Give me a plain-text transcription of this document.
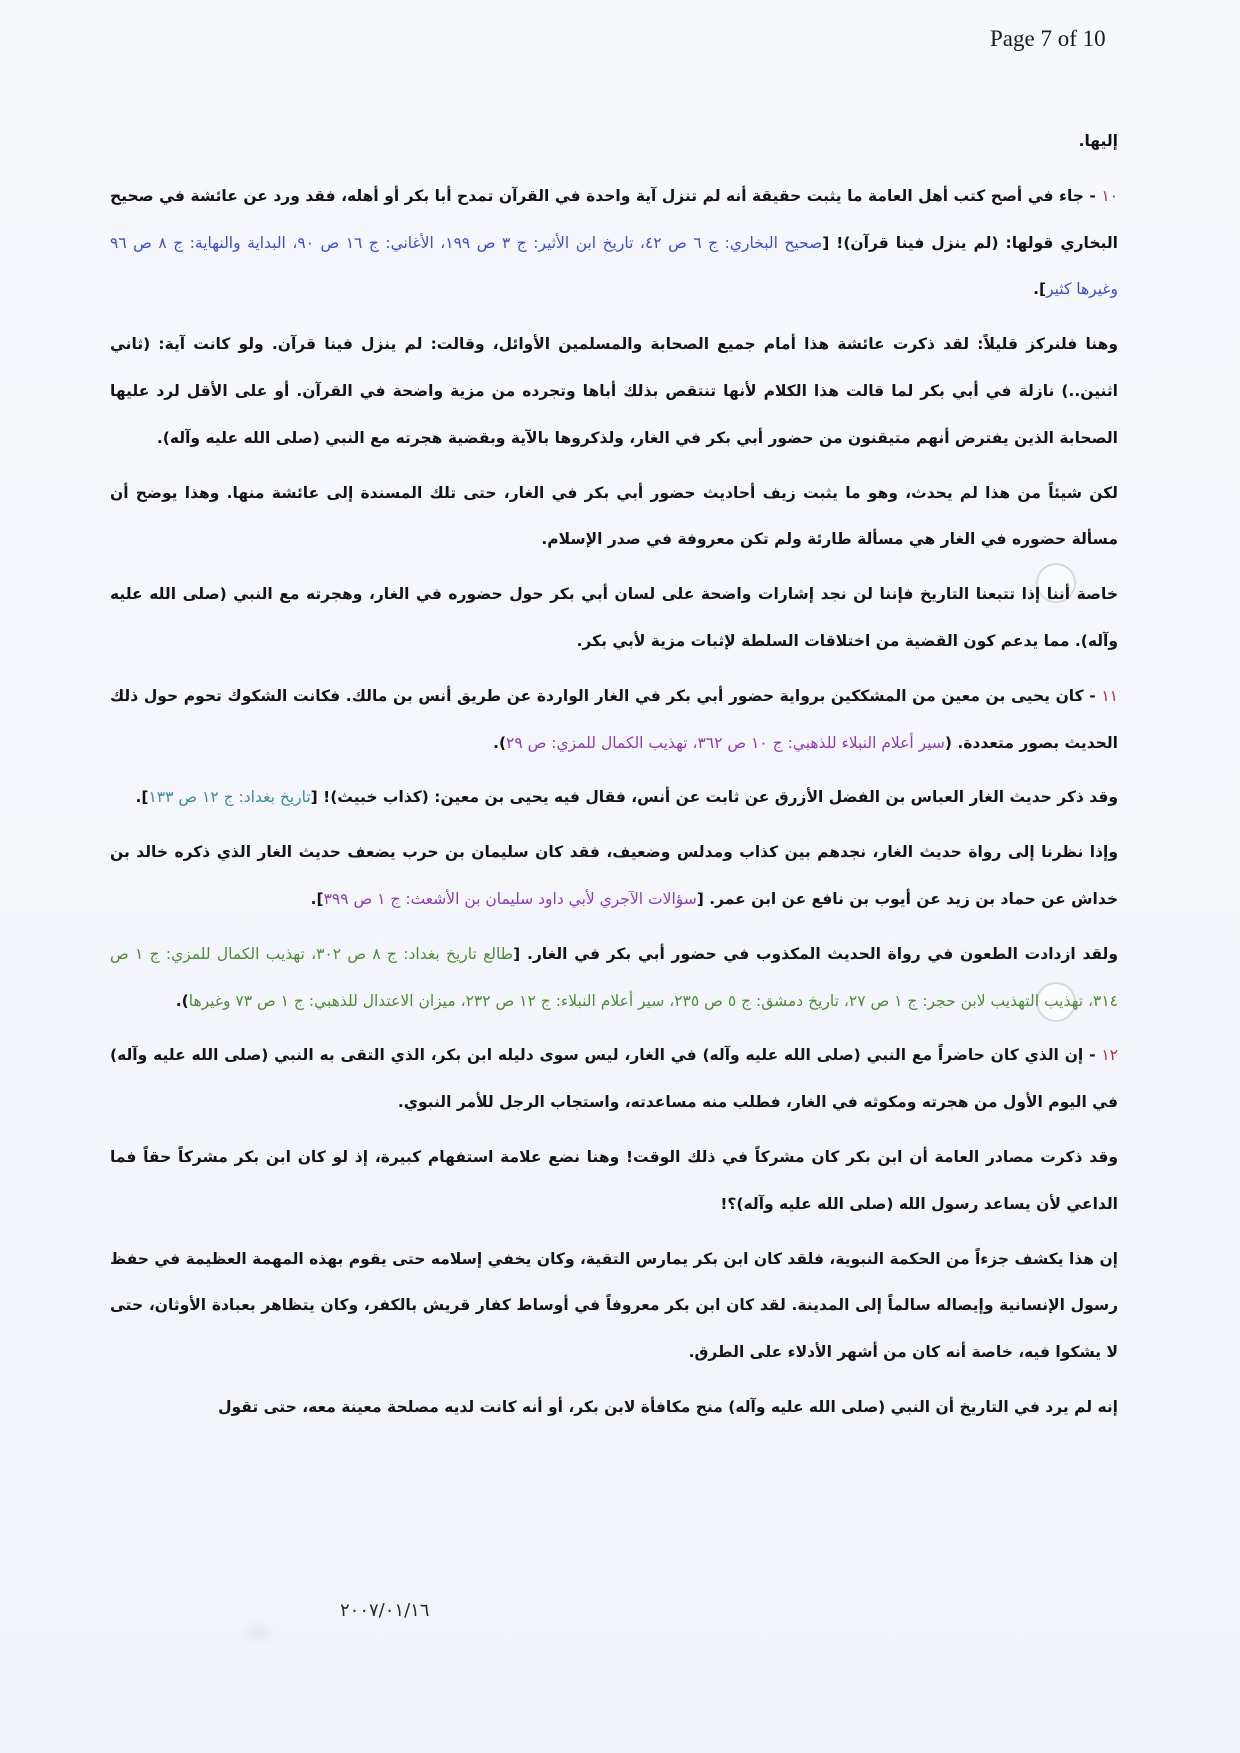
Page 7 of 10

إليها.

١٠ - جاء في أصح كتب أهل العامة ما يثبت حقيقة أنه لم تنزل آية واحدة في القرآن تمدح أبا بكر أو أهله، فقد ورد عن عائشة في صحيح البخاري قولها: (لم ينزل فينا قرآن)! [صحيح البخاري: ج ٦ ص ٤٢، تاريخ ابن الأثير: ج ٣ ص ١٩٩، الأغاني: ج ١٦ ص ٩٠، البداية والنهاية: ج ٨ ص ٩٦ وغيرها كثير].

وهنا فلنركز قليلاً: لقد ذكرت عائشة هذا أمام جميع الصحابة والمسلمين الأوائل، وقالت: لم ينزل فينا قرآن. ولو كانت آية: (ثاني اثنين..) نازلة في أبي بكر لما قالت هذا الكلام لأنها تنتقص بذلك أباها وتجرده من مزية واضحة في القرآن. أو على الأقل لرد عليها الصحابة الذين يفترض أنهم متيقنون من حضور أبي بكر في الغار، ولذكروها بالآية وبقضية هجرته مع النبي (صلى الله عليه وآله).

لكن شيئاً من هذا لم يحدث، وهو ما يثبت زيف أحاديث حضور أبي بكر في الغار، حتى تلك المسندة إلى عائشة منها. وهذا يوضح أن مسألة حضوره في الغار هي مسألة طارئة ولم تكن معروفة في صدر الإسلام.

خاصة أننا إذا تتبعنا التاريخ فإننا لن نجد إشارات واضحة على لسان أبي بكر حول حضوره في الغار، وهجرته مع النبي (صلى الله عليه وآله). مما يدعم كون القضية من اختلاقات السلطة لإثبات مزية لأبي بكر.

١١ - كان يحيى بن معين من المشككين برواية حضور أبي بكر في الغار الواردة عن طريق أنس بن مالك. فكانت الشكوك تحوم حول ذلك الحديث بصور متعددة. (سير أعلام النبلاء للذهبي: ج ١٠ ص ٣٦٢، تهذيب الكمال للمزي: ص ٢٩).

وقد ذكر حديث الغار العباس بن الفضل الأزرق عن ثابت عن أنس، فقال فيه يحيى بن معين: (كذاب خبيث)! [تاريخ بغداد: ج ١٢ ص ١٣٣].

وإذا نظرنا إلى رواة حديث الغار، نجدهم بين كذاب ومدلس وضعيف، فقد كان سليمان بن حرب يضعف حديث الغار الذي ذكره خالد بن خداش عن حماد بن زيد عن أيوب بن نافع عن ابن عمر. [سؤالات الآجري لأبي داود سليمان بن الأشعث: ج ١ ص ٣٩٩].

ولقد ازدادت الطعون في رواة الحديث المكذوب في حضور أبي بكر في الغار. [طالع تاريخ بغداد: ج ٨ ص ٣٠٢، تهذيب الكمال للمزي: ج ١ ص ٣١٤، تهذيب التهذيب لابن حجر: ج ١ ص ٢٧، تاريخ دمشق: ج ٥ ص ٢٣٥، سير أعلام النبلاء: ج ١٢ ص ٢٣٢، ميزان الاعتدال للذهبي: ج ١ ص ٧٣ وغيرها).

١٢ - إن الذي كان حاضراً مع النبي (صلى الله عليه وآله) في الغار، ليس سوى دليله ابن بكر، الذي التقى به النبي (صلى الله عليه وآله) في اليوم الأول من هجرته ومكوثه في الغار، فطلب منه مساعدته، واستجاب الرجل للأمر النبوي.

وقد ذكرت مصادر العامة أن ابن بكر كان مشركاً في ذلك الوقت! وهنا نضع علامة استفهام كبيرة، إذ لو كان ابن بكر مشركاً حقاً فما الداعي لأن يساعد رسول الله (صلى الله عليه وآله)؟!

إن هذا يكشف جزءاً من الحكمة النبوية، فلقد كان ابن بكر يمارس التقية، وكان يخفي إسلامه حتى يقوم بهذه المهمة العظيمة في حفظ رسول الإنسانية وإيصاله سالماً إلى المدينة. لقد كان ابن بكر معروفاً في أوساط كفار قريش بالكفر، وكان يتظاهر بعبادة الأوثان، حتى لا يشكوا فيه، خاصة أنه كان من أشهر الأدلاء على الطرق.

إنه لم يرد في التاريخ أن النبي (صلى الله عليه وآله) منح مكافأة لابن بكر، أو أنه كانت لديه مصلحة معينة معه، حتى تقول

٢٠٠٧/٠١/١٦
